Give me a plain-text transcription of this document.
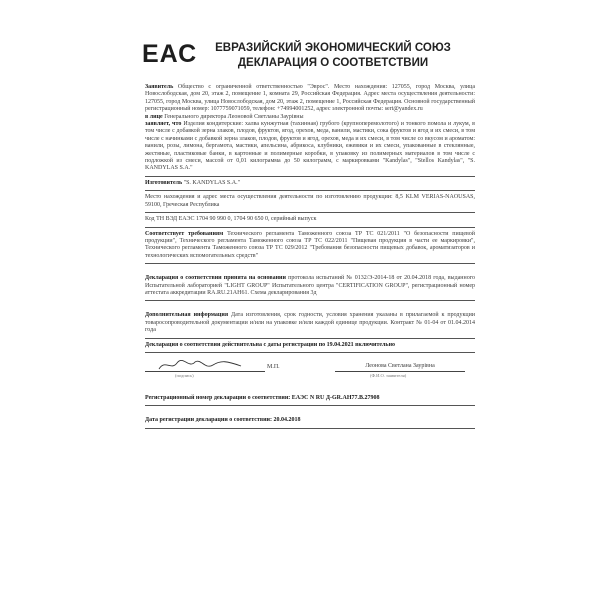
ЕАС	ЕВРАЗИЙСКИЙ ЭКОНОМИЧЕСКИЙ СОЮЗ
ДЕКЛАРАЦИЯ О СООТВЕТСТВИИ
Заявитель Общество с ограниченной ответственностью "Эврос". Место нахождения: 127055, город Москва, улица Новослободская, дом 20, этаж 2, помещение 1, комната 29, Российская Федерация. Адрес места осуществления деятельности: 127055, город Москва, улица Новослободская, дом 20, этаж 2, помещение 1, Российская Федерация. Основной государственный регистрационный номер: 1077759071059, телефон: +74994001252, адрес электронной почты: sert@yandex.ru
в лице Генерального директора Леоновой Светланы Заурiвны
заявляет, что Изделия кондитерские: халва кунжутная (тахинная) грубого (крупноперемолотого) и тонкого помола и лукум, в том числе с добавкой зерна злаков, плодов, фруктов, ягод, орехов, меда, ванили, мастики, сока фруктов и ягод и их смеси, в том числе с начинками с добавкой зерна злаков, плодов, фруктов и ягод, орехов, меда и их смеси, в том числе со вкусом и ароматом: ванили, розы, лимона, бергамота, мастики, апельсина, абрикоса, клубники, ежевики и их смеси, упакованные в стеклянные, жестяные, пластиковые банки, в картонные и полимерные коробки, в упаковку из полимерных материалов в том числе с подложкой из смеси, массой от 0,01 килограмма до 50 килограмм, с маркировками "Kandylas", "Stellos Kandylas", "S. KANDYLAS S.A."
Изготовитель "S. KANDYLAS S.A."
Место нахождения и адрес места осуществления деятельности по изготовлению продукции: 8,5 KLM VERIAS-NAOUSAS, 59100, Греческая Республика
Код ТН ВЭД ЕАЭС 1704 90 990 0, 1704 90 650 0, серийный выпуск
Соответствует требованиям Технического регламента Таможенного союза ТР ТС 021/2011 "О безопасности пищевой продукции", Технического регламента Таможенного союза ТР ТС 022/2011 "Пищевая продукция в части ее маркировки", Технического регламента Таможенного союза ТР ТС 029/2012 "Требования безопасности пищевых добавок, ароматизаторов и технологических вспомогательных средств"
Декларация о соответствии принята на основании протокола испытаний № 0132/Э-2014-18 от 20.04.2018 года, выданного Испытательной лабораторией "LIGHT GROUP" Испытательного центра "CERTIFICATION GROUP", регистрационный номер аттестата аккредитации RA.RU.21AH61. Схема декларирования 3д
Дополнительная информация Дата изготовления, срок годности, условия хранения указаны в прилагаемой к продукции товаросопроводительной документации и/или на упаковке и/или каждой единице продукции. Контракт № 01-04 от 01.04.2014 года
Декларация о соответствии действительна с даты регистрации по 19.04.2021 включительно
(подпись)
М.П.	Леонова Светлана Заурiвна
(Ф.И.О. заявителя)
Регистрационный номер декларации о соответствии: ЕАЭС N RU Д-GR.АН77.В.27908
Дата регистрации декларации о соответствии: 20.04.2018
